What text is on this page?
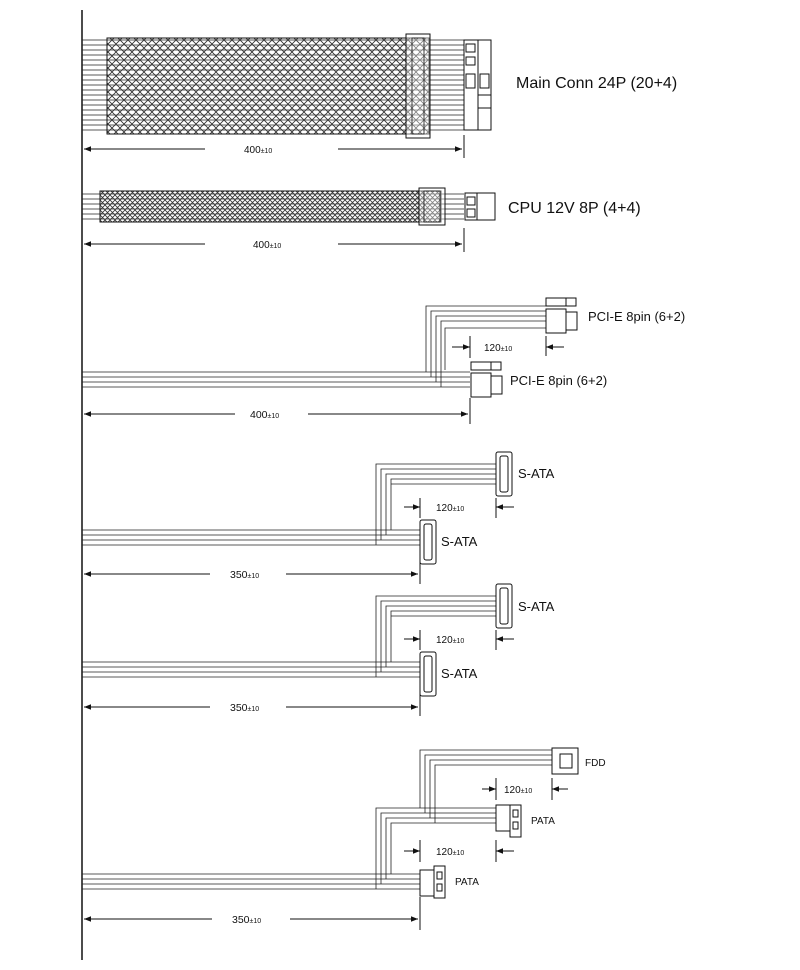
Main Conn 24P (20+4)
400±10
CPU 12V 8P (4+4)
400±10
PCI-E 8pin (6+2)
PCI-E 8pin (6+2)
120±10
400±10
S-ATA
S-ATA
120±10
350±10
S-ATA
S-ATA
120±10
350±10
FDD
PATA
PATA
120±10
120±10
350±10
